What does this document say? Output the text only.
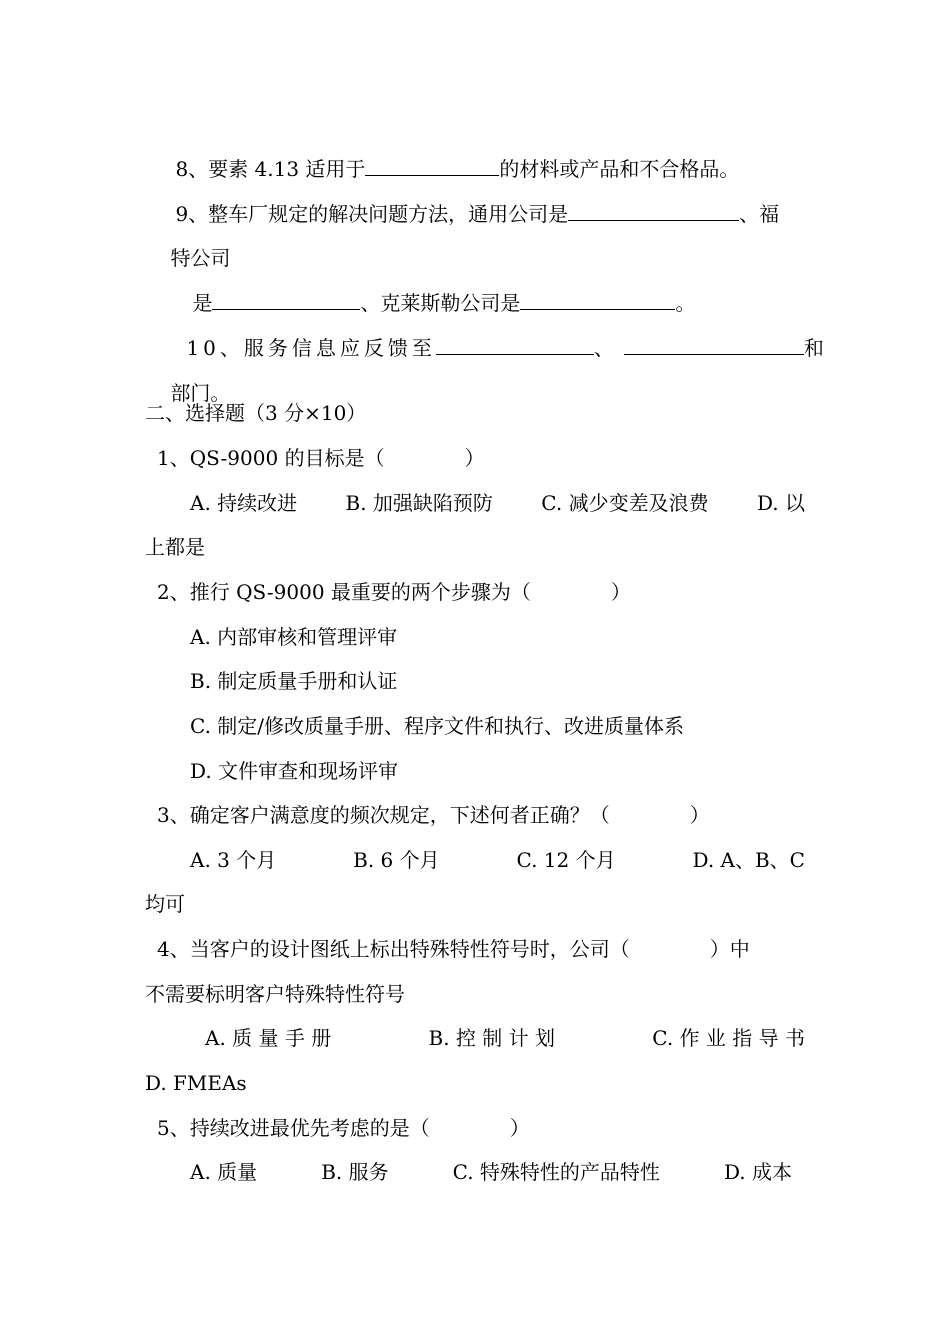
8、要素 4.13 适用于	的材料或产品和不合格品。

9、整车厂规定的解决问题方法，通用公司是	、福

特公司

是	、克莱斯勒公司是	。

10、服务信息应反馈至	、	和

部门。

二、选择题（3 分×10）
1、QS-9000 的目标是（　　　　）
A. 持续改进 B. 加强缺陷预防 C. 减少变差及浪费 D. 以
上都是
2、推行 QS-9000 最重要的两个步骤为（　　　　）
A. 内部审核和管理评审
B. 制定质量手册和认证
C. 制定/修改质量手册、程序文件和执行、改进质量体系
D. 文件审查和现场评审
3、确定客户满意度的频次规定，下述何者正确？（　　　　）
A. 3 个月	B. 6 个月	C. 12 个月	D. A、B、C
均可
4、当客户的设计图纸上标出特殊特性符号时，公司（　　　　）中
不需要标明客户特殊特性符号
A. 质 量 手 册	B. 控 制 计 划	C. 作 业 指 导 书
D. FMEAs
5、持续改进最优先考虑的是（　　　　）
A. 质量	B. 服务	C. 特殊特性的产品特性	D. 成本
